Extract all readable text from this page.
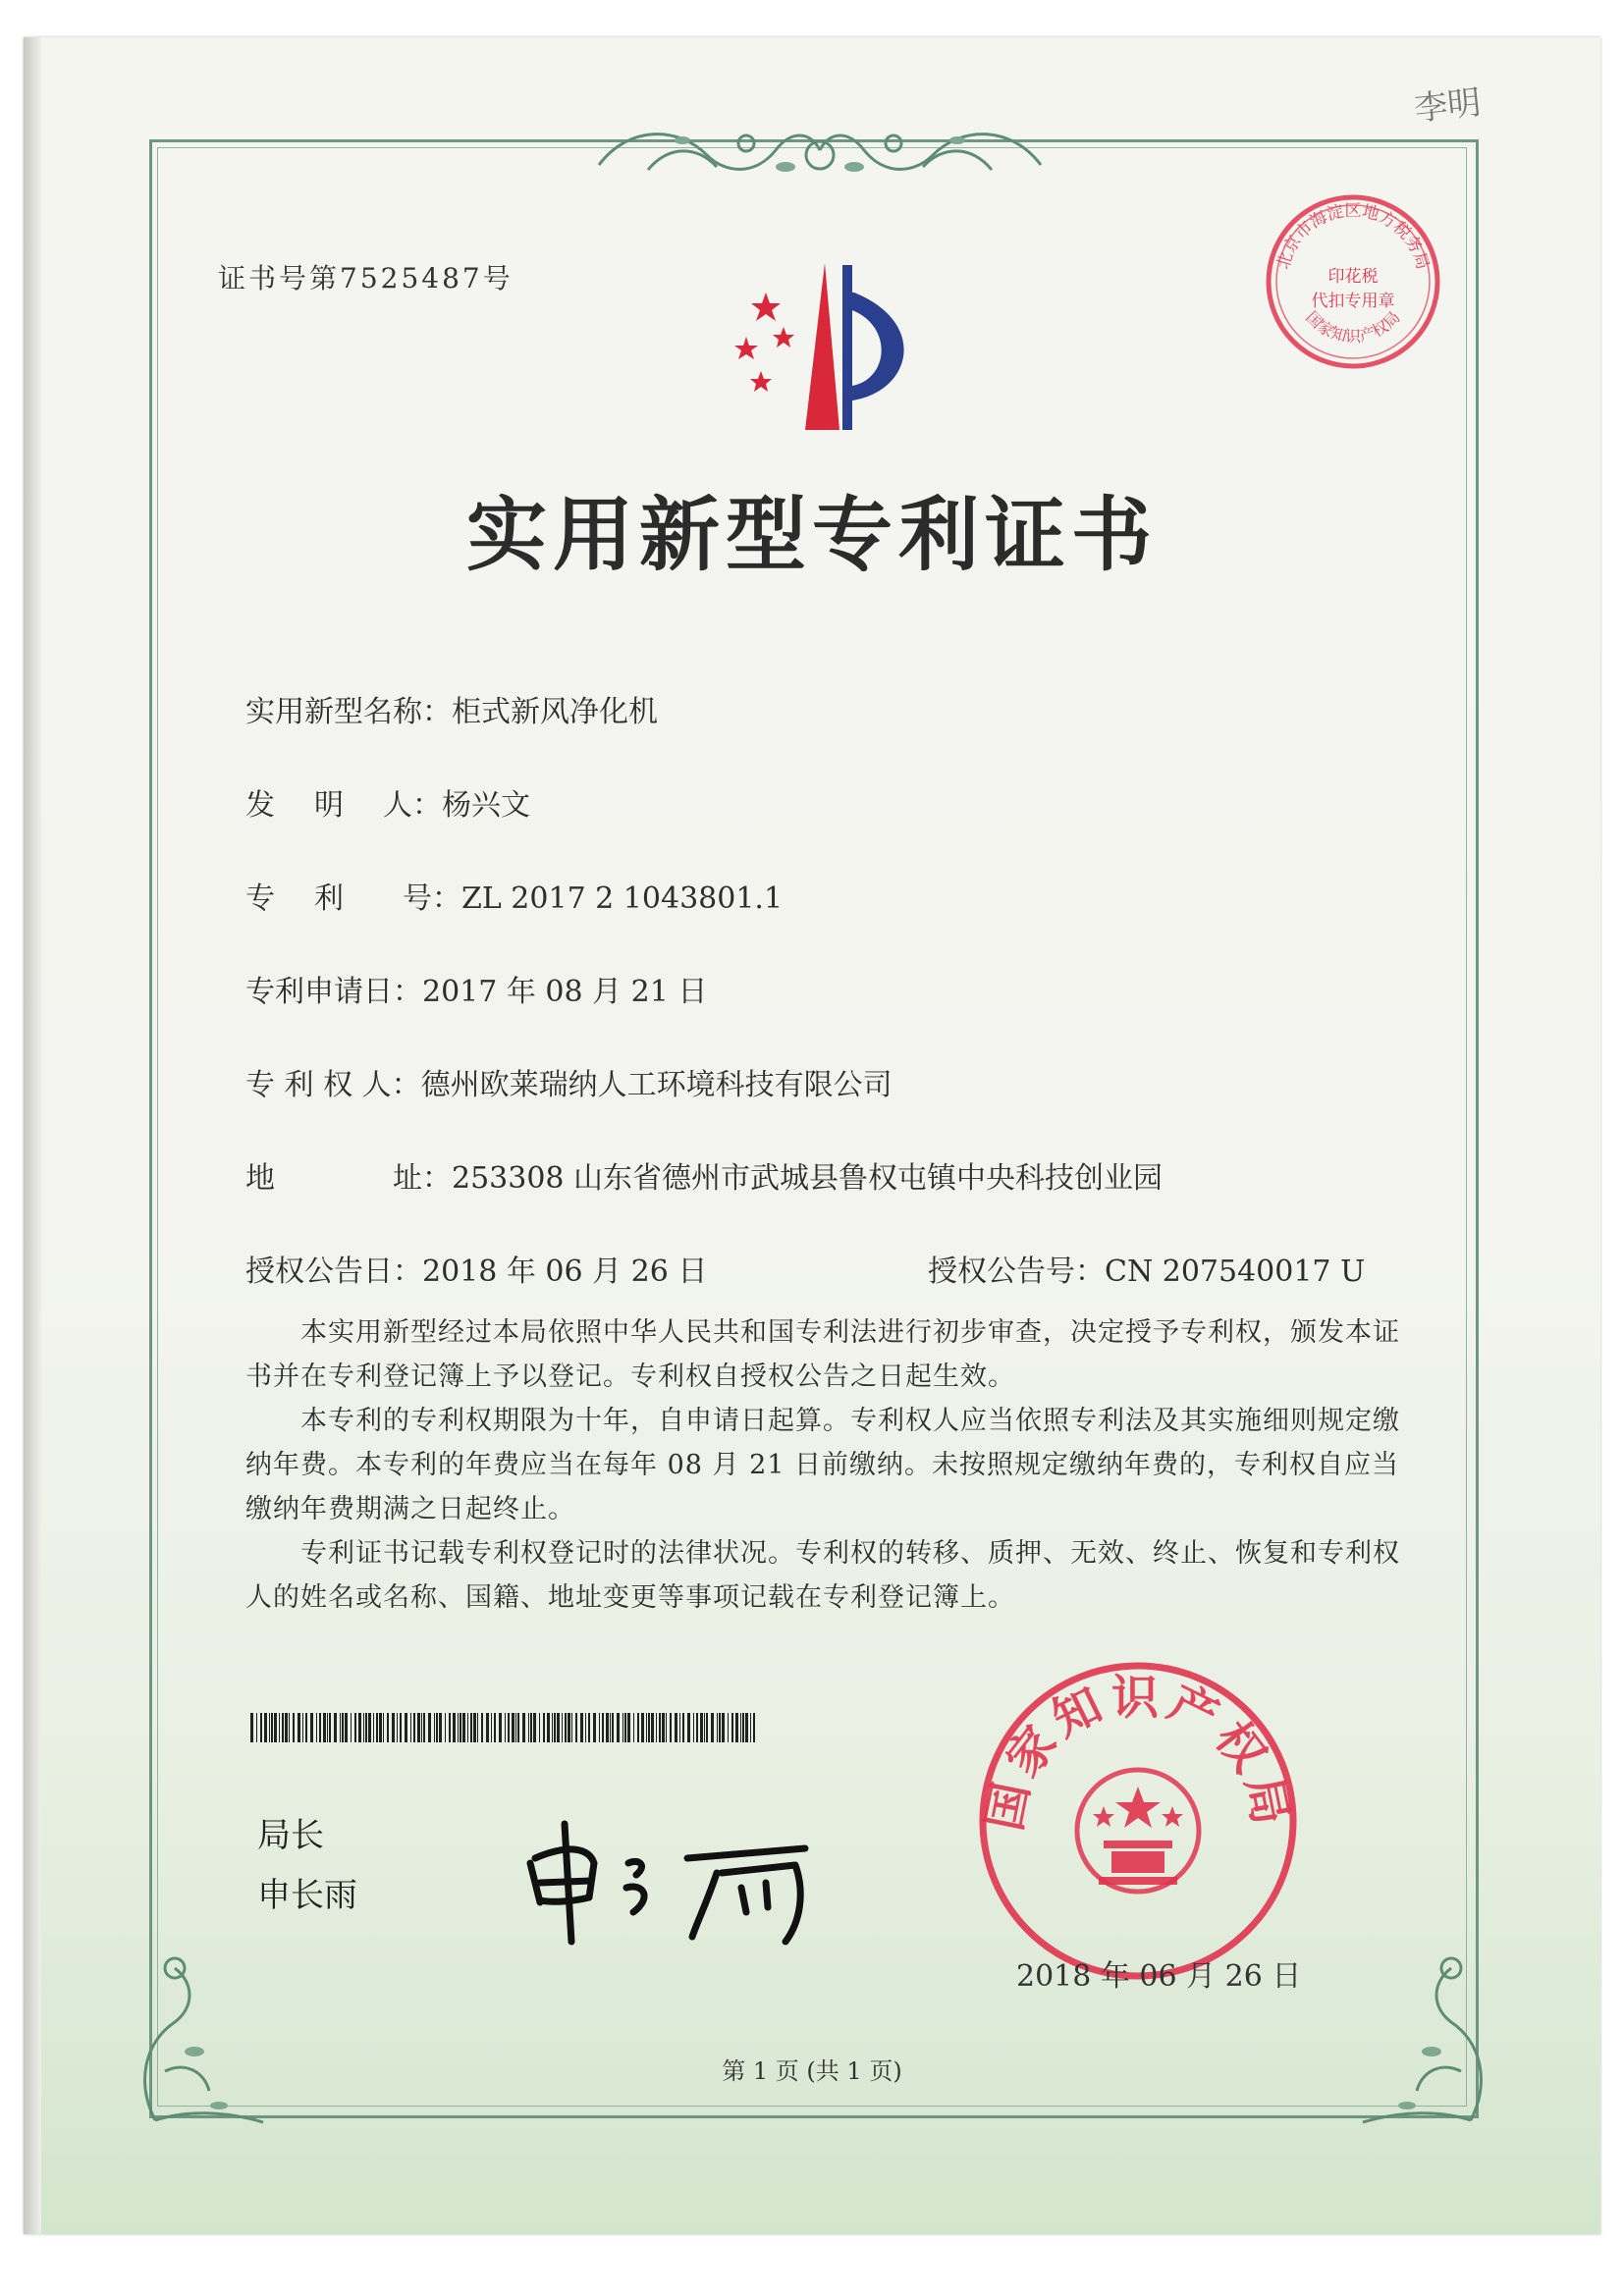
李明
北京市海淀区地方税务局
印花税
代扣专用章
国家知识产权局
证书号第7525487号
实用新型专利证书
实用新型名称：柜式新风净化机
发明人：杨兴文
专利 号：ZL 2017 2 1043801.1
专利申请日：2017 年 08 月 21 日
专 利 权 人：德州欧莱瑞纳人工环境科技有限公司
地	址：253308 山东省德州市武城县鲁权屯镇中央科技创业园
授权公告日：2018 年 06 月 26 日	授权公告号：CN 207540017 U
本实用新型经过本局依照中华人民共和国专利法进行初步审查，决定授予专利权，颁发本证书并在专利登记簿上予以登记。专利权自授权公告之日起生效。
本专利的专利权期限为十年，自申请日起算。专利权人应当依照专利法及其实施细则规定缴纳年费。本专利的年费应当在每年 08 月 21 日前缴纳。未按照规定缴纳年费的，专利权自应当缴纳年费期满之日起终止。
专利证书记载专利权登记时的法律状况。专利权的转移、质押、无效、终止、恢复和专利权人的姓名或名称、国籍、地址变更等事项记载在专利登记簿上。
局长
申长雨
国家知识产权局
2018 年 06 月 26 日
第 1 页 (共 1 页)
